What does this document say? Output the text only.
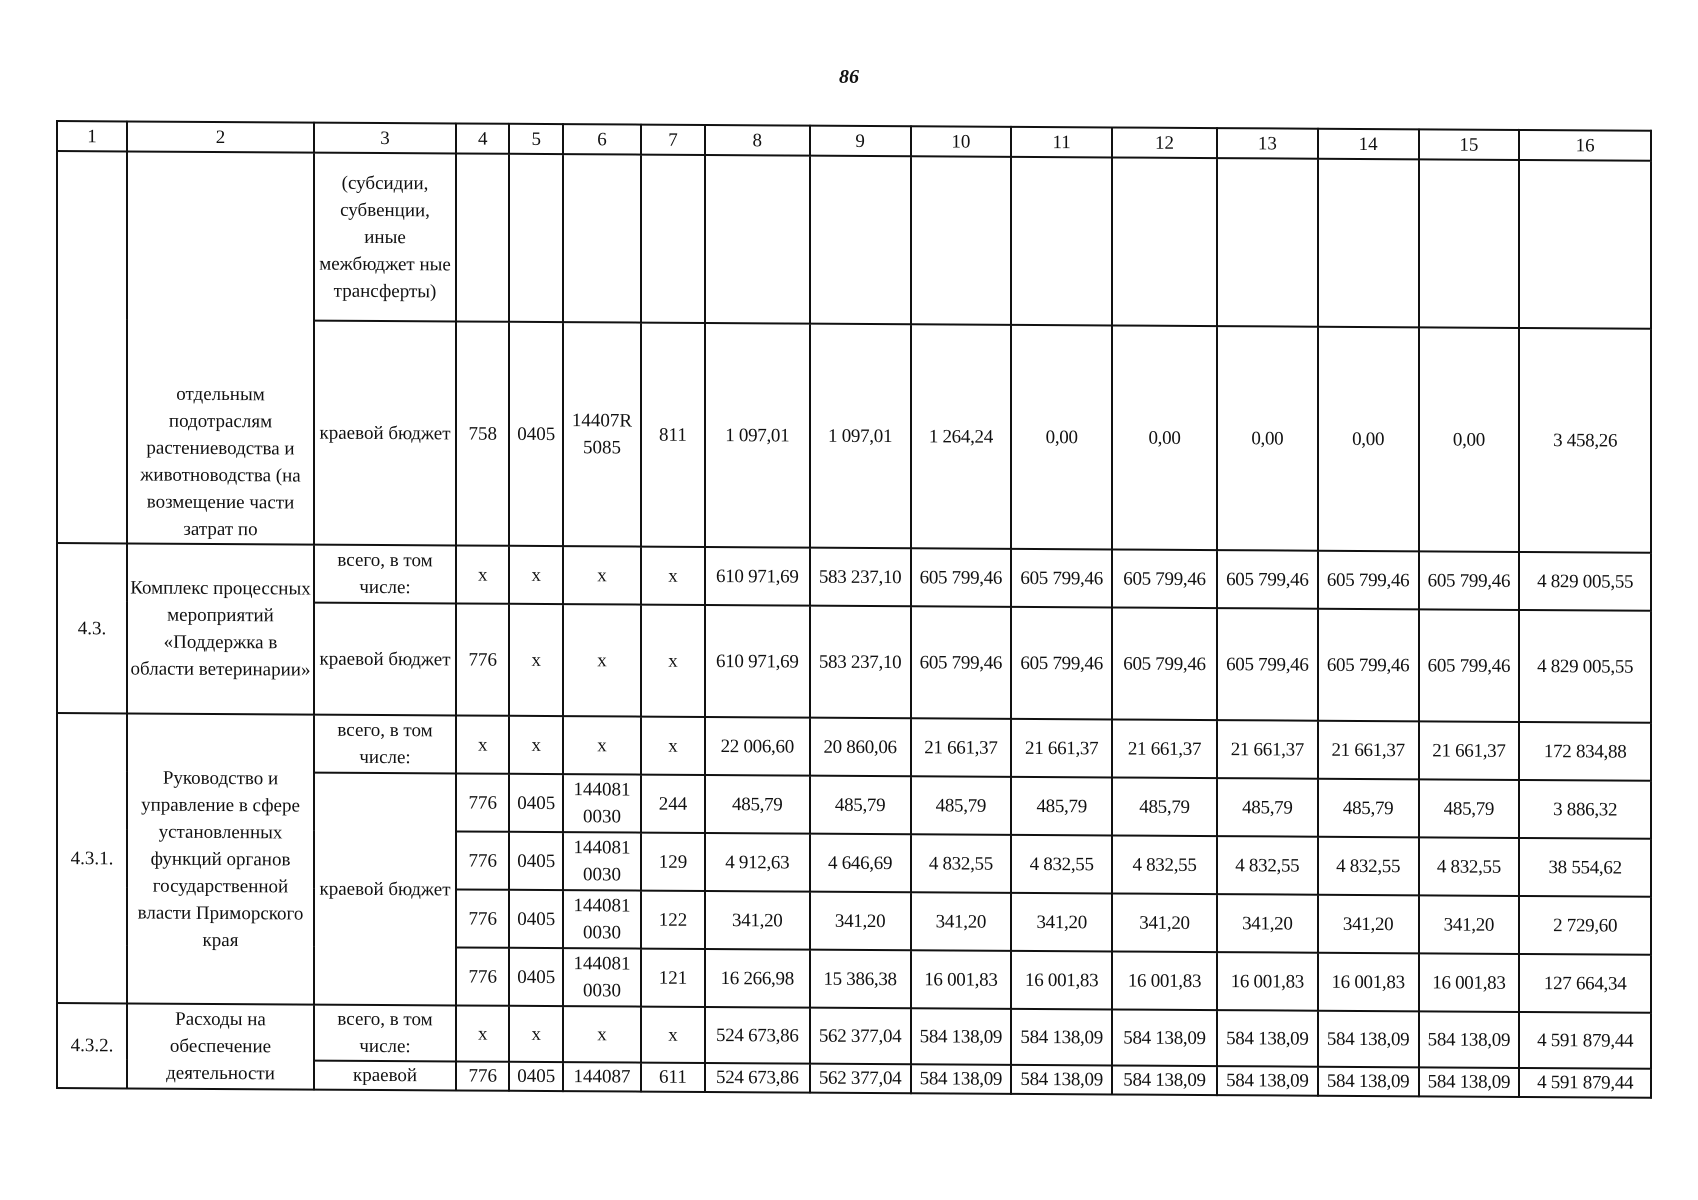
86
1	2	3	4	5	6	7	8	9	10	11	12	13	14	15	16
	отдельным подотраслям растениеводства и животноводства (на возмещение части затрат по	(субсидии, субвенции, иные межбюджет ные трансферты)													
		краевой бюджет	758	0405	14407R 5085	811	1 097,01	1 097,01	1 264,24	0,00	0,00	0,00	0,00	0,00	3 458,26
4.3.	Комплекс процессных мероприятий «Поддержка в области ветеринарии»	всего, в том числе:	x	x	x	x	610 971,69	583 237,10	605 799,46	605 799,46	605 799,46	605 799,46	605 799,46	605 799,46	4 829 005,55
		краевой бюджет	776	x	x	x	610 971,69	583 237,10	605 799,46	605 799,46	605 799,46	605 799,46	605 799,46	605 799,46	4 829 005,55
4.3.1.	Руководство и управление в сфере установленных функций органов государственной власти Приморского края	всего, в том числе:	x	x	x	x	22 006,60	20 860,06	21 661,37	21 661,37	21 661,37	21 661,37	21 661,37	21 661,37	172 834,88
		краевой бюджет	776	0405	144081 0030	244	485,79	485,79	485,79	485,79	485,79	485,79	485,79	485,79	3 886,32
			776	0405	144081 0030	129	4 912,63	4 646,69	4 832,55	4 832,55	4 832,55	4 832,55	4 832,55	4 832,55	38 554,62
			776	0405	144081 0030	122	341,20	341,20	341,20	341,20	341,20	341,20	341,20	341,20	2 729,60
			776	0405	144081 0030	121	16 266,98	15 386,38	16 001,83	16 001,83	16 001,83	16 001,83	16 001,83	16 001,83	127 664,34
4.3.2.	Расходы на обеспечение деятельности	всего, в том числе:	x	x	x	x	524 673,86	562 377,04	584 138,09	584 138,09	584 138,09	584 138,09	584 138,09	584 138,09	4 591 879,44
		краевой	776	0405	144087	611	524 673,86	562 377,04	584 138,09	584 138,09	584 138,09	584 138,09	584 138,09	584 138,09	4 591 879,44
